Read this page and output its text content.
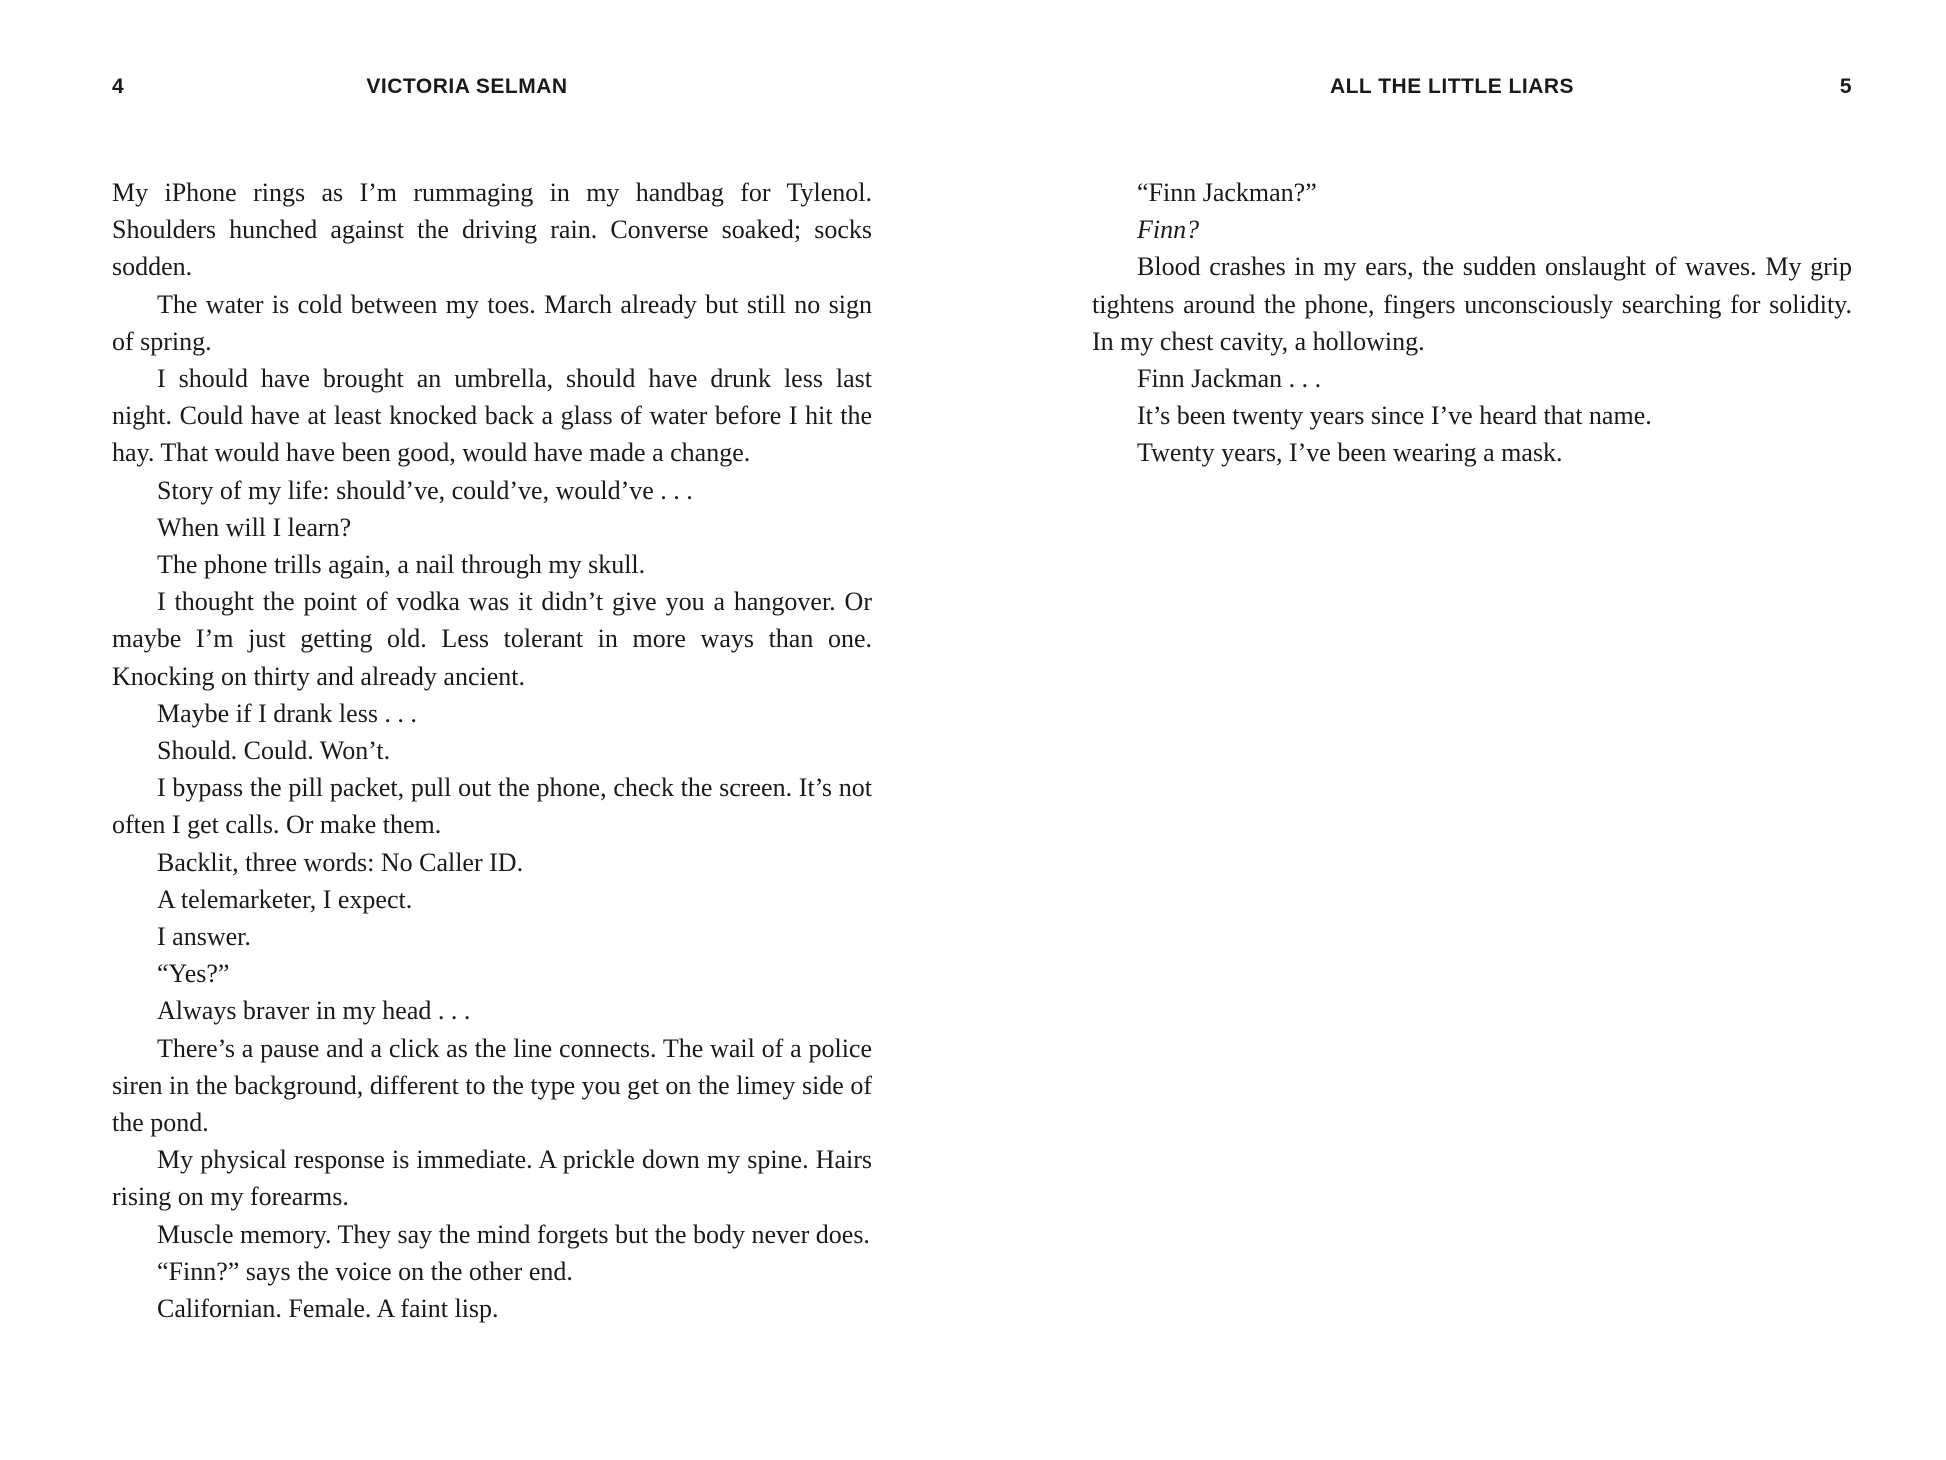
4	VICTORIA SELMAN

My iPhone rings as I’m rummaging in my handbag for Tylenol. Shoulders hunched against the driving rain. Converse soaked; socks sodden.

The water is cold between my toes. March already but still no sign of spring.

I should have brought an umbrella, should have drunk less last night. Could have at least knocked back a glass of water before I hit the hay. That would have been good, would have made a change.

Story of my life: should’ve, could’ve, would’ve . . .

When will I learn?

The phone trills again, a nail through my skull.

I thought the point of vodka was it didn’t give you a hangover. Or maybe I’m just getting old. Less tolerant in more ways than one. Knocking on thirty and already ancient.

Maybe if I drank less . . .

Should. Could. Won’t.

I bypass the pill packet, pull out the phone, check the screen. It’s not often I get calls. Or make them.

Backlit, three words: No Caller ID.

A telemarketer, I expect.

I answer.

“Yes?”

Always braver in my head . . .

There’s a pause and a click as the line connects. The wail of a police siren in the background, different to the type you get on the limey side of the pond.

My physical response is immediate. A prickle down my spine. Hairs rising on my forearms.

Muscle memory. They say the mind forgets but the body never does.

“Finn?” says the voice on the other end.

Californian. Female. A faint lisp.

ALL THE LITTLE LIARS	5

“Finn Jackman?”

Finn?

Blood crashes in my ears, the sudden onslaught of waves. My grip tightens around the phone, fingers unconsciously searching for solidity. In my chest cavity, a hollowing.

Finn Jackman . . .

It’s been twenty years since I’ve heard that name.

Twenty years, I’ve been wearing a mask.
